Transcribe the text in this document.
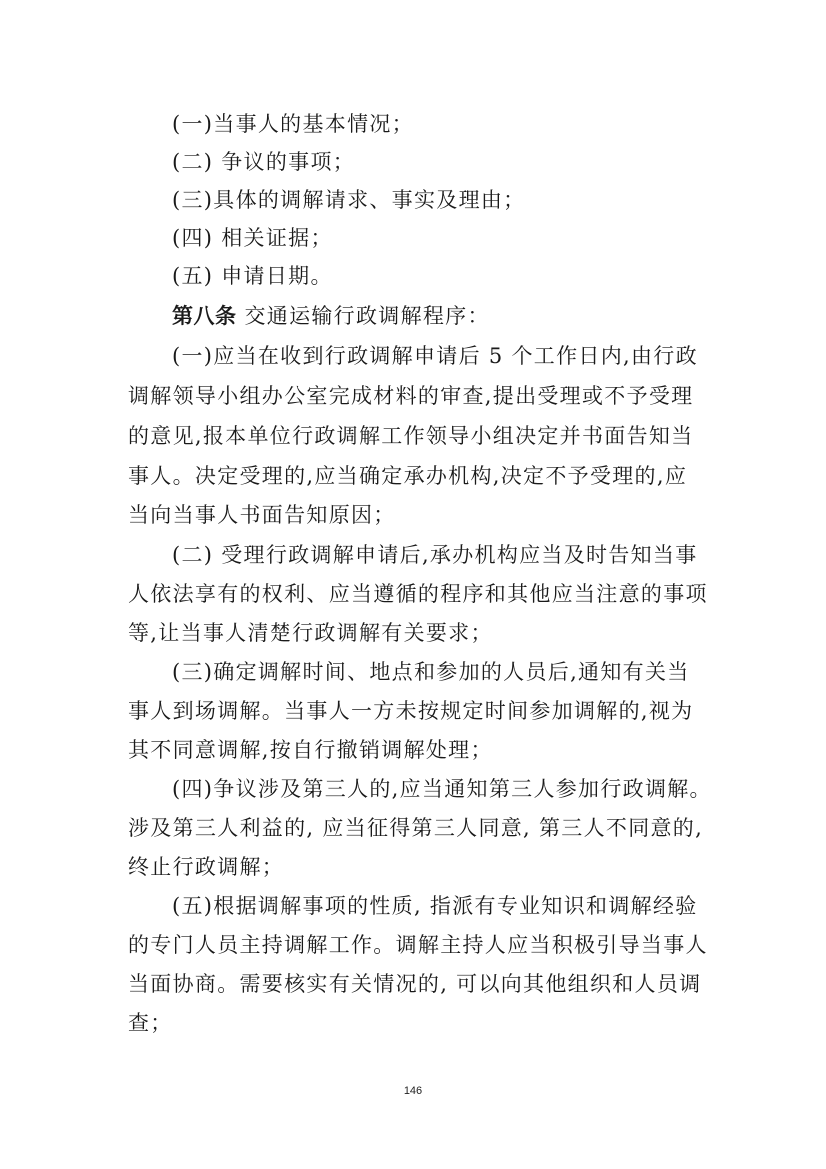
(一)当事人的基本情况；
(二) 争议的事项；
(三)具体的调解请求、事实及理由；
(四) 相关证据；
(五) 申请日期。
第八条 交通运输行政调解程序：
(一)应当在收到行政调解申请后 5 个工作日内,由行政
调解领导小组办公室完成材料的审查,提出受理或不予受理
的意见,报本单位行政调解工作领导小组决定并书面告知当
事人。决定受理的,应当确定承办机构,决定不予受理的,应
当向当事人书面告知原因；
(二) 受理行政调解申请后,承办机构应当及时告知当事
人依法享有的权利、应当遵循的程序和其他应当注意的事项
等,让当事人清楚行政调解有关要求；
(三)确定调解时间、地点和参加的人员后,通知有关当
事人到场调解。当事人一方未按规定时间参加调解的,视为
其不同意调解,按自行撤销调解处理；
(四)争议涉及第三人的,应当通知第三人参加行政调解。
涉及第三人利益的, 应当征得第三人同意, 第三人不同意的,
终止行政调解；
(五)根据调解事项的性质, 指派有专业知识和调解经验
的专门人员主持调解工作。调解主持人应当积极引导当事人
当面协商。需要核实有关情况的, 可以向其他组织和人员调
查；
146
